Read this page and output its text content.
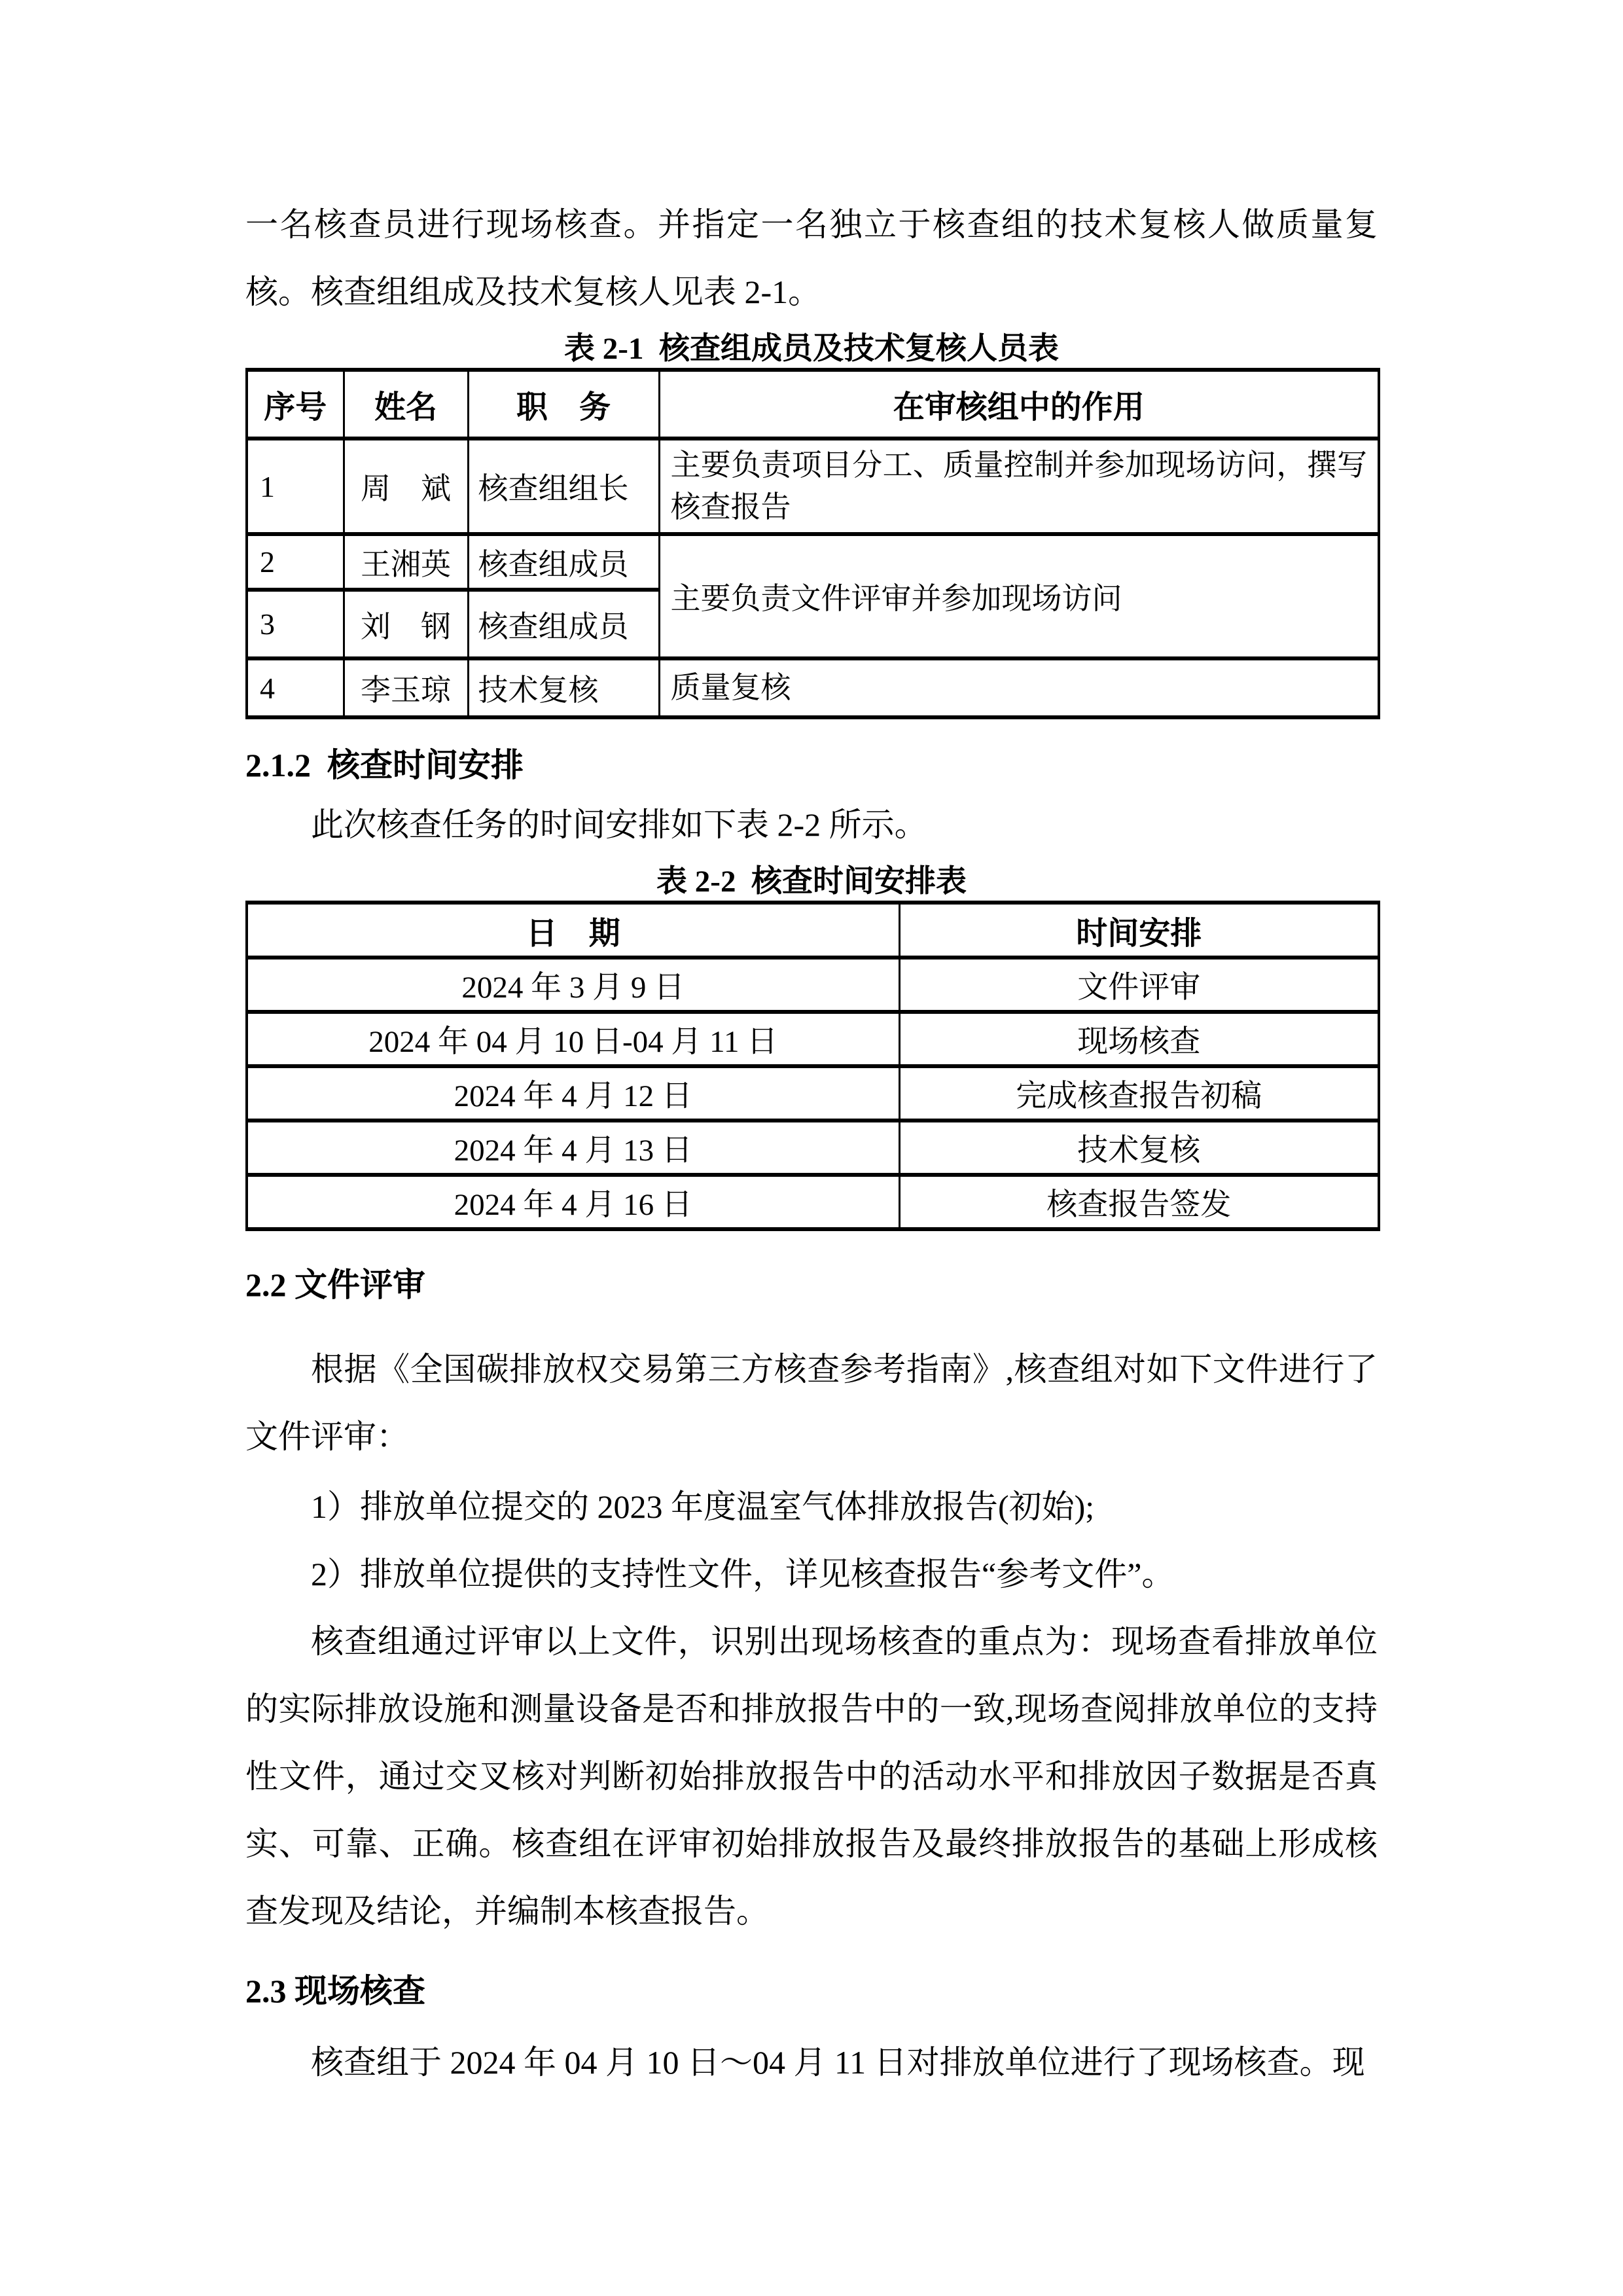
一名核查员进行现场核查。并指定一名独立于核查组的技术复核人做质量复核。核查组组成及技术复核人见表 2-1。

表 2-1  核查组成员及技术复核人员表

序号	姓名	职　务	在审核组中的作用
1	周　斌	核查组组长	主要负责项目分工、质量控制并参加现场访问，撰写核查报告
2	王湘英	核查组成员	主要负责文件评审并参加现场访问
3	刘　钢	核查组成员	
4	李玉琼	技术复核	质量复核

2.1.2  核查时间安排

此次核查任务的时间安排如下表 2-2 所示。

表 2-2  核查时间安排表

日　期	时间安排
2024 年 3 月 9 日	文件评审
2024 年 04 月 10 日-04 月 11 日	现场核查
2024 年 4 月 12 日	完成核查报告初稿
2024 年 4 月 13 日	技术复核
2024 年 4 月 16 日	核查报告签发

2.2 文件评审

根据《全国碳排放权交易第三方核查参考指南》,核查组对如下文件进行了文件评审：

1）排放单位提交的 2023 年度温室气体排放报告(初始);

2）排放单位提供的支持性文件，详见核查报告“参考文件”。

核查组通过评审以上文件，识别出现场核查的重点为：现场查看排放单位的实际排放设施和测量设备是否和排放报告中的一致,现场查阅排放单位的支持性文件，通过交叉核对判断初始排放报告中的活动水平和排放因子数据是否真实、可靠、正确。核查组在评审初始排放报告及最终排放报告的基础上形成核查发现及结论，并编制本核查报告。

2.3 现场核查

核查组于 2024 年 04 月 10 日～04 月 11 日对排放单位进行了现场核查。现
